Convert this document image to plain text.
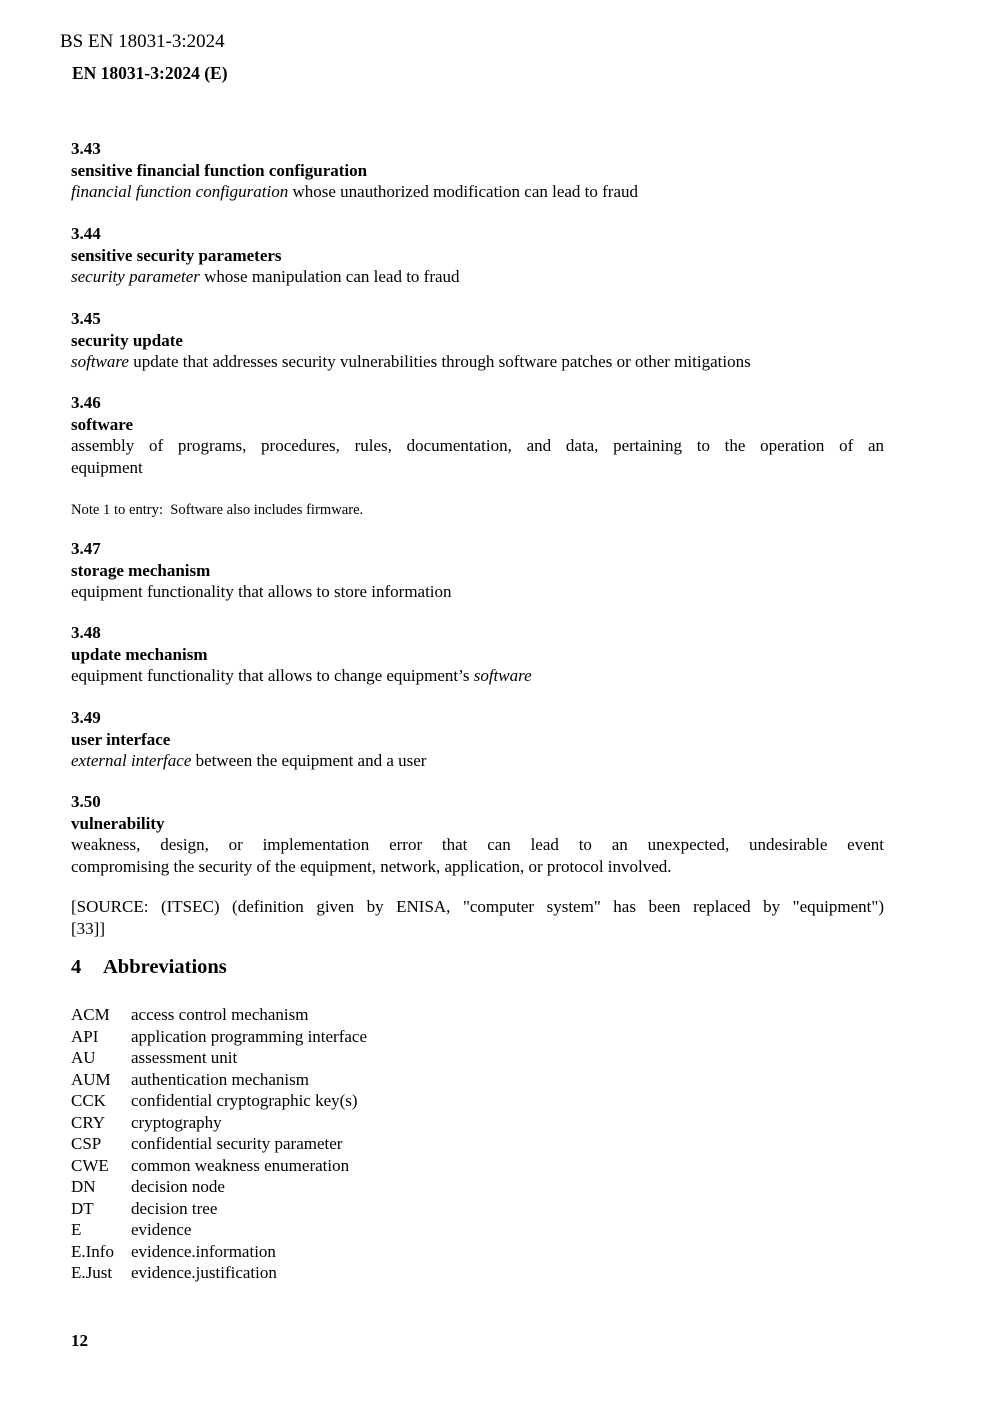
BS EN 18031-3:2024
EN 18031-3:2024 (E)
3.43
sensitive financial function configuration
financial function configuration whose unauthorized modification can lead to fraud
3.44
sensitive security parameters
security parameter whose manipulation can lead to fraud
3.45
security update
software update that addresses security vulnerabilities through software patches or other mitigations
3.46
software
assembly of programs, procedures, rules, documentation, and data, pertaining to the operation of an
equipment
Note 1 to entry:  Software also includes firmware.
3.47
storage mechanism
equipment functionality that allows to store information
3.48
update mechanism
equipment functionality that allows to change equipment’s software
3.49
user interface
external interface between the equipment and a user
3.50
vulnerability
weakness, design, or implementation error that can lead to an unexpected, undesirable event
compromising the security of the equipment, network, application, or protocol involved.
[SOURCE: (ITSEC) (definition given by ENISA, "computer system" has been replaced by "equipment")
[33]]
4 Abbreviations
ACM	access control mechanism
API	application programming interface
AU	assessment unit
AUM	authentication mechanism
CCK	confidential cryptographic key(s)
CRY	cryptography
CSP	confidential security parameter
CWE	common weakness enumeration
DN	decision node
DT	decision tree
E	evidence
E.Info	evidence.information
E.Just	evidence.justification
12
